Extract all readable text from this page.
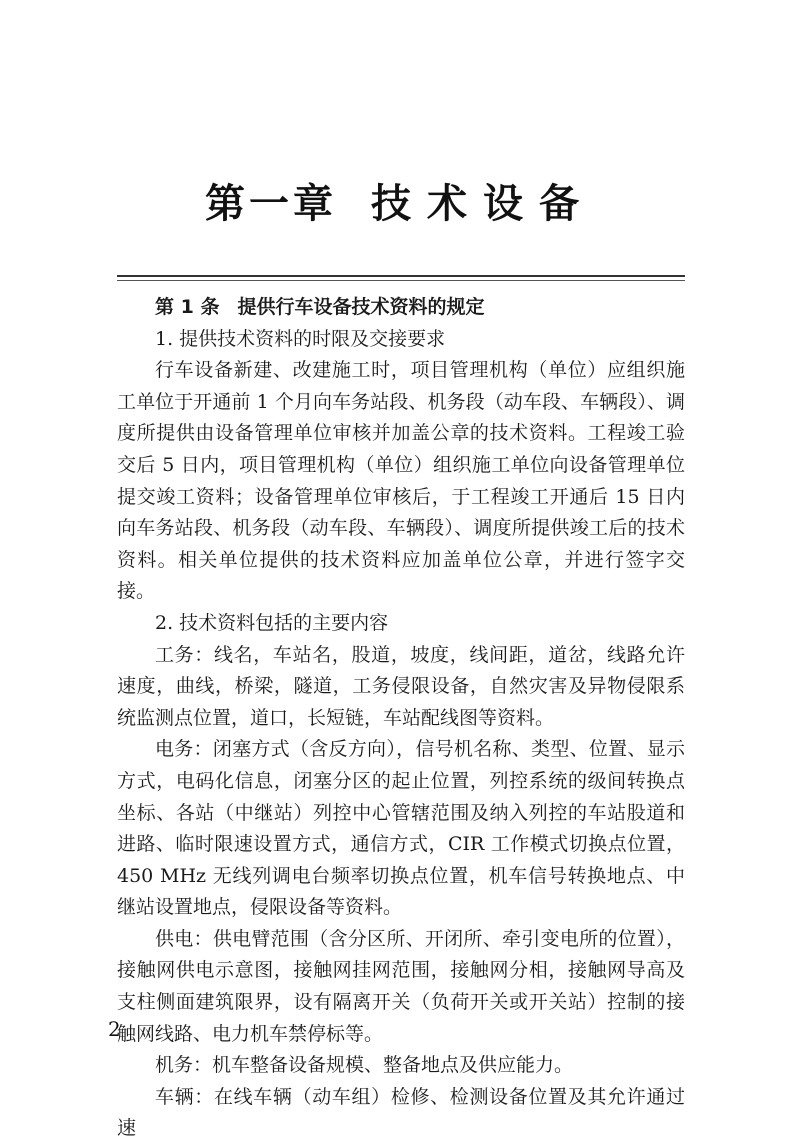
第一章 技术设备

第 1 条 提供行车设备技术资料的规定

1. 提供技术资料的时限及交接要求

行车设备新建、改建施工时，项目管理机构（单位）应组织施工单位于开通前 1 个月向车务站段、机务段（动车段、车辆段）、调度所提供由设备管理单位审核并加盖公章的技术资料。工程竣工验交后 5 日内，项目管理机构（单位）组织施工单位向设备管理单位提交竣工资料；设备管理单位审核后，于工程竣工开通后 15 日内向车务站段、机务段（动车段、车辆段）、调度所提供竣工后的技术资料。相关单位提供的技术资料应加盖单位公章，并进行签字交接。

2. 技术资料包括的主要内容

工务：线名，车站名，股道，坡度，线间距，道岔，线路允许速度，曲线，桥梁，隧道，工务侵限设备，自然灾害及异物侵限系统监测点位置，道口，长短链，车站配线图等资料。

电务：闭塞方式（含反方向），信号机名称、类型、位置、显示方式，电码化信息，闭塞分区的起止位置，列控系统的级间转换点坐标、各站（中继站）列控中心管辖范围及纳入列控的车站股道和进路、临时限速设置方式，通信方式，CIR 工作模式切换点位置，450 MHz 无线列调电台频率切换点位置，机车信号转换地点、中继站设置地点，侵限设备等资料。

供电：供电臂范围（含分区所、开闭所、牵引变电所的位置），接触网供电示意图，接触网挂网范围，接触网分相，接触网导高及支柱侧面建筑限界，设有隔离开关（负荷开关或开关站）控制的接触网线路、电力机车禁停标等。

机务：机车整备设备规模、整备地点及供应能力。

车辆：在线车辆（动车组）检修、检测设备位置及其允许通过速

2
